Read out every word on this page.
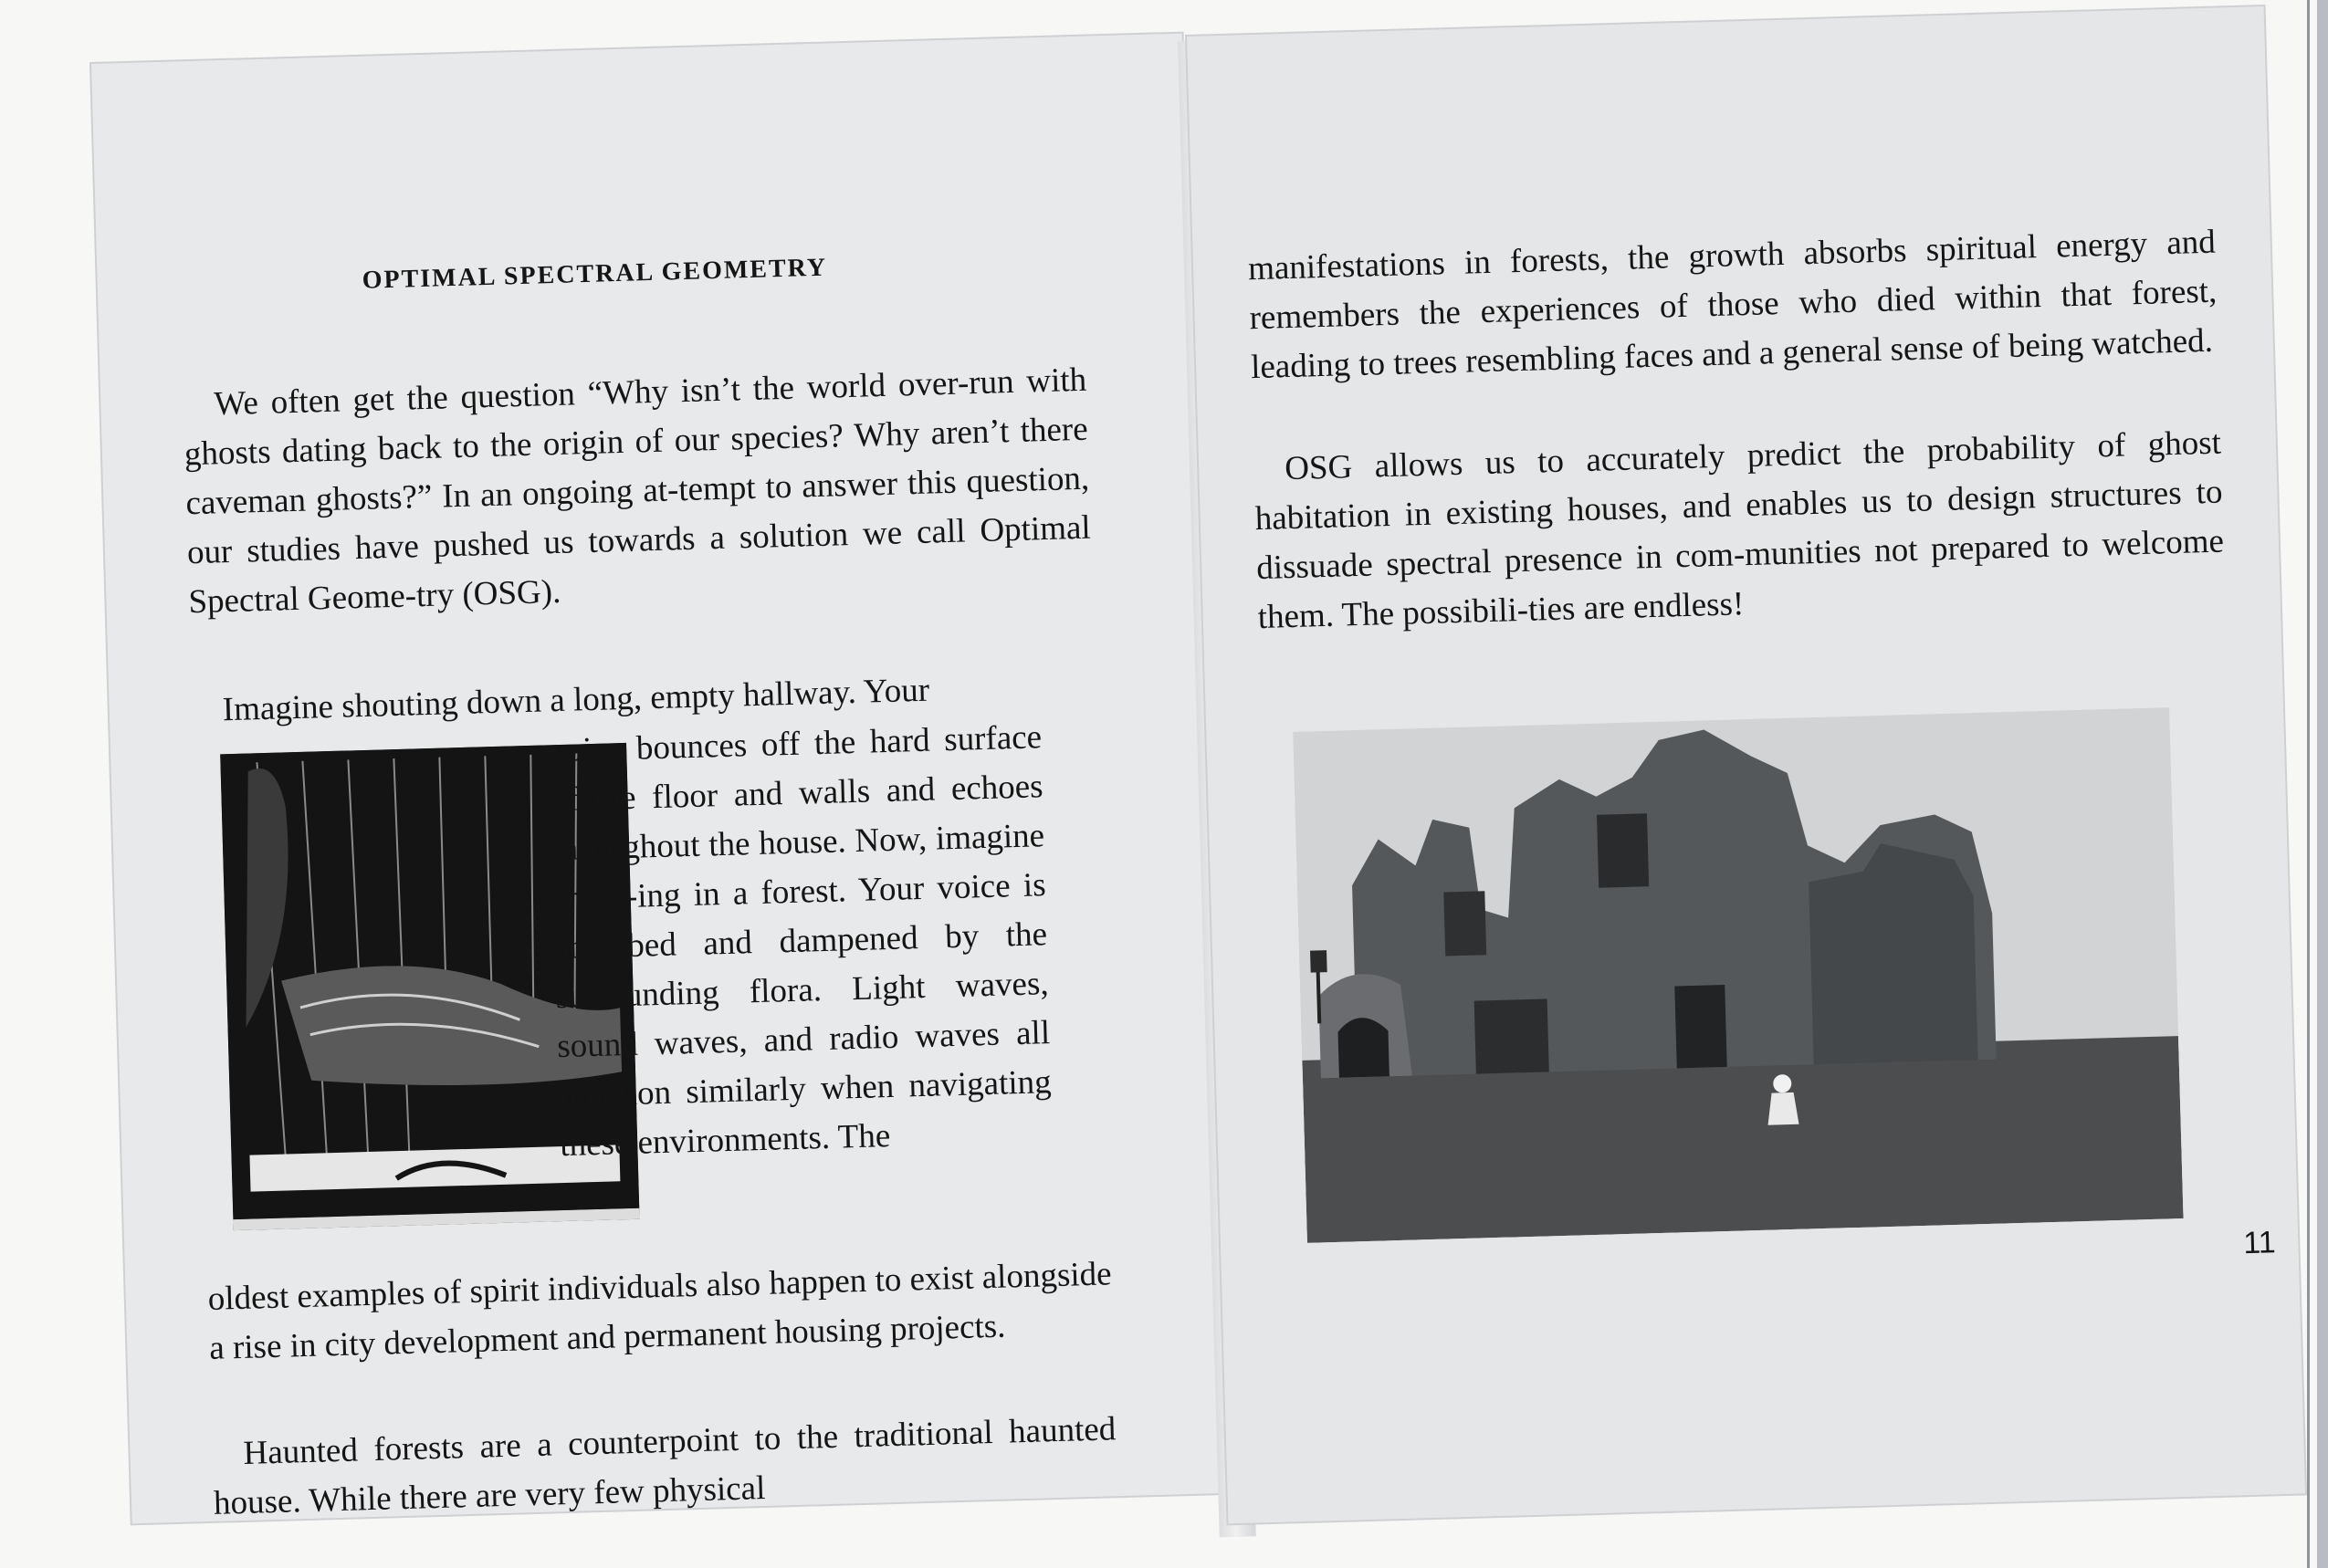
OPTIMAL SPECTRAL GEOMETRY
We often get the question “Why isn’t the world over-run with ghosts dating back to the origin of our species? Why aren’t there caveman ghosts?” In an ongoing at-tempt to answer this question, our studies have pushed us towards a solution we call Optimal Spectral Geome-try (OSG).
Imagine shouting down a long, empty hallway. Your
voice bounces off the hard surface of the floor and walls and echoes throughout the house. Now, imagine shout-ing in a forest. Your voice is absorbed and dampened by the surrounding flora. Light waves, sound waves, and radio waves all function similarly when navigating these environments. The
oldest examples of spirit individuals also happen to exist alongside a rise in city development and permanent housing projects.
Haunted forests are a counterpoint to the traditional haunted house. While there are very few physical
manifestations in forests, the growth absorbs spiritual energy and remembers the experiences of those who died within that forest, leading to trees resembling faces and a general sense of being watched.
OSG allows us to accurately predict the probability of ghost habitation in existing houses, and enables us to design structures to dissuade spectral presence in com-munities not prepared to welcome them. The possibili-ties are endless!
11
